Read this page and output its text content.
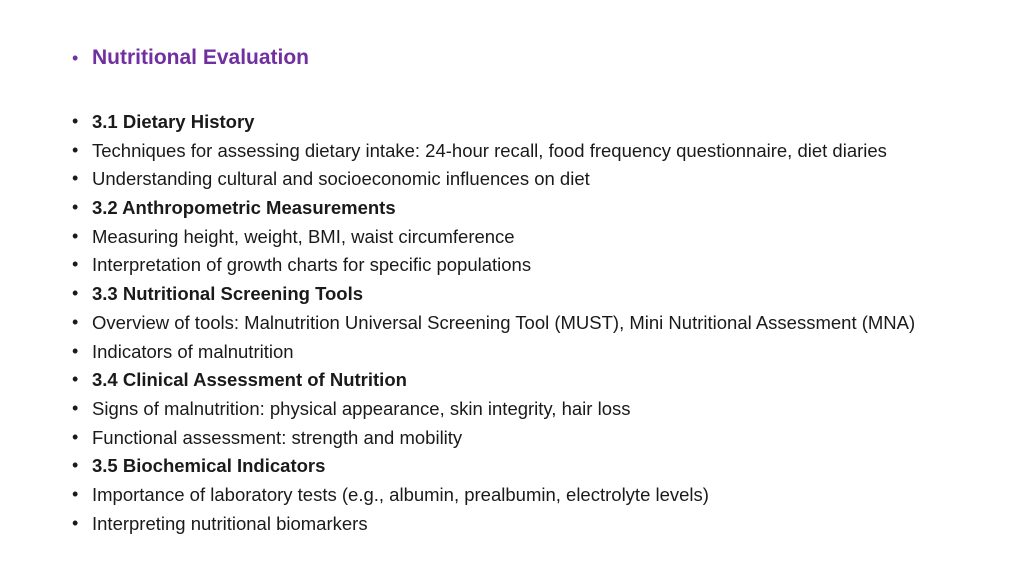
• Nutritional Evaluation
• 3.1 Dietary History
• Techniques for assessing dietary intake: 24-hour recall, food frequency questionnaire, diet diaries
• Understanding cultural and socioeconomic influences on diet
• 3.2 Anthropometric Measurements
• Measuring height, weight, BMI, waist circumference
• Interpretation of growth charts for specific populations
• 3.3 Nutritional Screening Tools
• Overview of tools: Malnutrition Universal Screening Tool (MUST), Mini Nutritional Assessment (MNA)
• Indicators of malnutrition
• 3.4 Clinical Assessment of Nutrition
• Signs of malnutrition: physical appearance, skin integrity, hair loss
• Functional assessment: strength and mobility
• 3.5 Biochemical Indicators
• Importance of laboratory tests (e.g., albumin, prealbumin, electrolyte levels)
• Interpreting nutritional biomarkers
